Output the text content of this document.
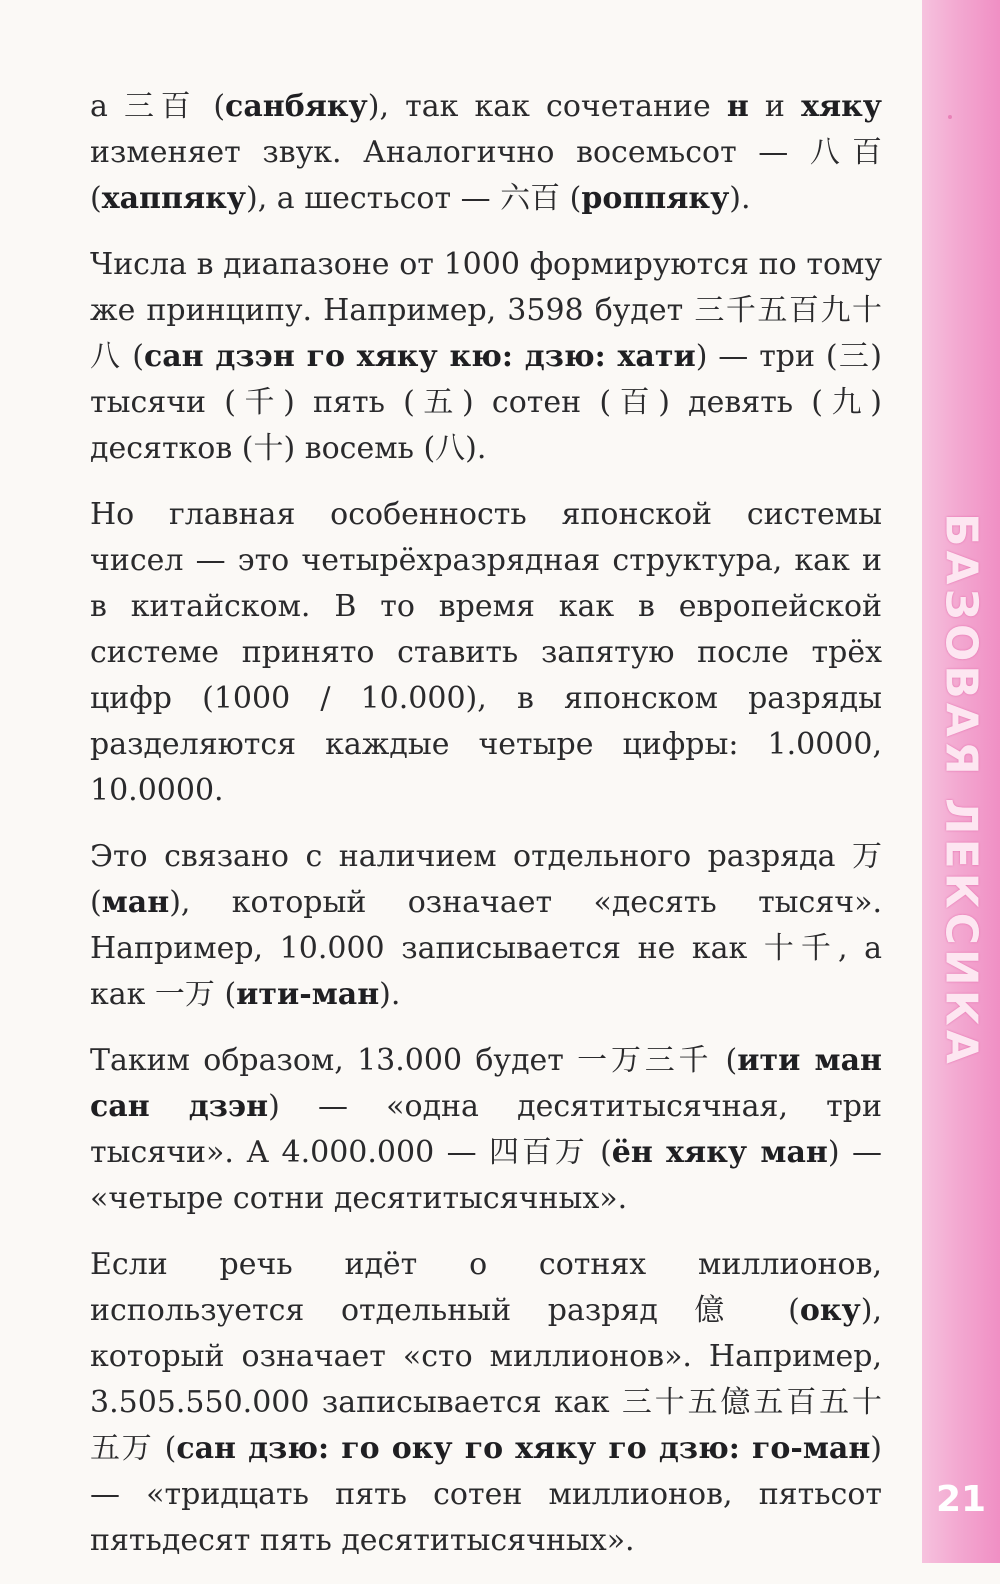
а 三百 (санбяку), так как сочетание н и хяку изменяет звук. Аналогично восемьсот — 八百 (хаппяку), а шестьсот — 六百 (роппяку).

Числа в диапазоне от 1000 формируются по тому же принципу. Например, 3598 будет 三千五百九十八 (сан дзэн го хяку кю: дзю: хати) — три (三) тысячи (千) пять (五) сотен (百) девять (九) десятков (十) восемь (八).

Но главная особенность японской системы чисел — это четырёхразрядная структура, как и в китайском. В то время как в европейской системе принято ставить запятую после трёх цифр (1000 / 10.000), в японском разряды разделяются каждые четыре цифры: 1.0000, 10.0000.

Это связано с наличием отдельного разряда 万 (ман), который означает «десять тысяч». Например, 10.000 записывается не как 十千, а как 一万 (ити-ман).

Таким образом, 13.000 будет 一万三千 (ити ман сан дзэн) — «одна десятитысячная, три тысячи». А 4.000.000 — 四百万 (ён хяку ман) — «четыре сотни десятитысячных».

Если речь идёт о сотнях миллионов, используется отдельный разряд 億 (оку), который означает «сто миллионов». Например, 3.505.550.000 записывается как 三十五億五百五十五万 (сан дзю: го оку го хяку го дзю: го-ман) — «тридцать пять сотен миллионов, пятьсот пятьдесят пять десятитысячных».

БАЗОВАЯ ЛЕКСИКА
21
